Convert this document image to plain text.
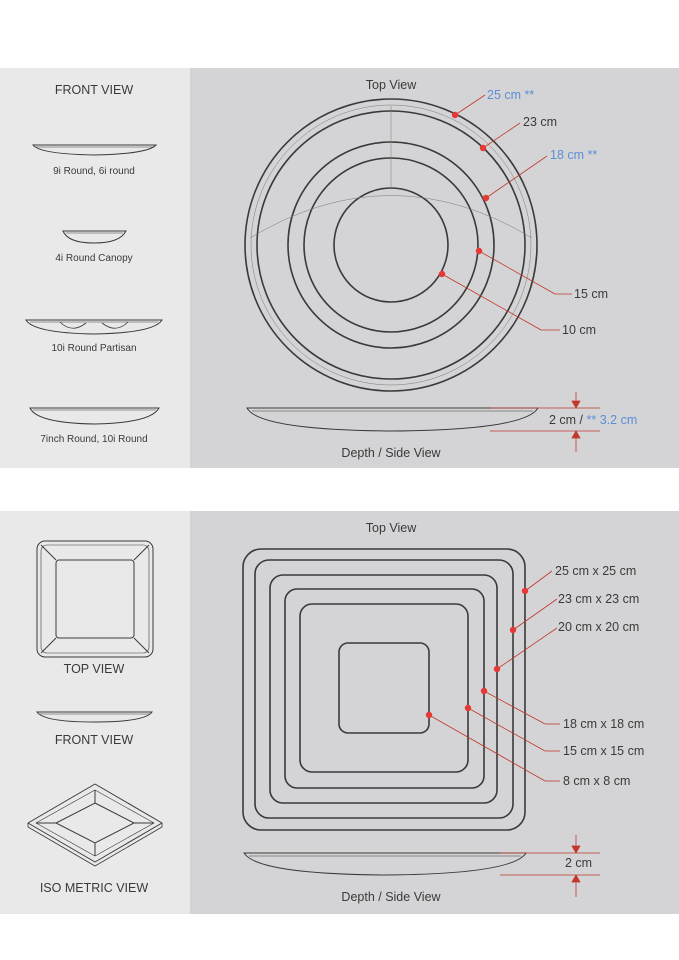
FRONT VIEW
9i Round, 6i round
4i Round Canopy
10i Round Partisan
7inch Round, 10i Round
Top View
25 cm **
23 cm
18 cm **
15 cm
10 cm
2 cm / ** 3.2 cm
Depth / Side View
TOP VIEW
FRONT VIEW
ISO METRIC VIEW
Top View
25 cm x 25 cm
23 cm x 23 cm
20 cm x 20 cm
18 cm x 18 cm
15 cm x 15 cm
8 cm x 8 cm
2 cm
Depth / Side View
